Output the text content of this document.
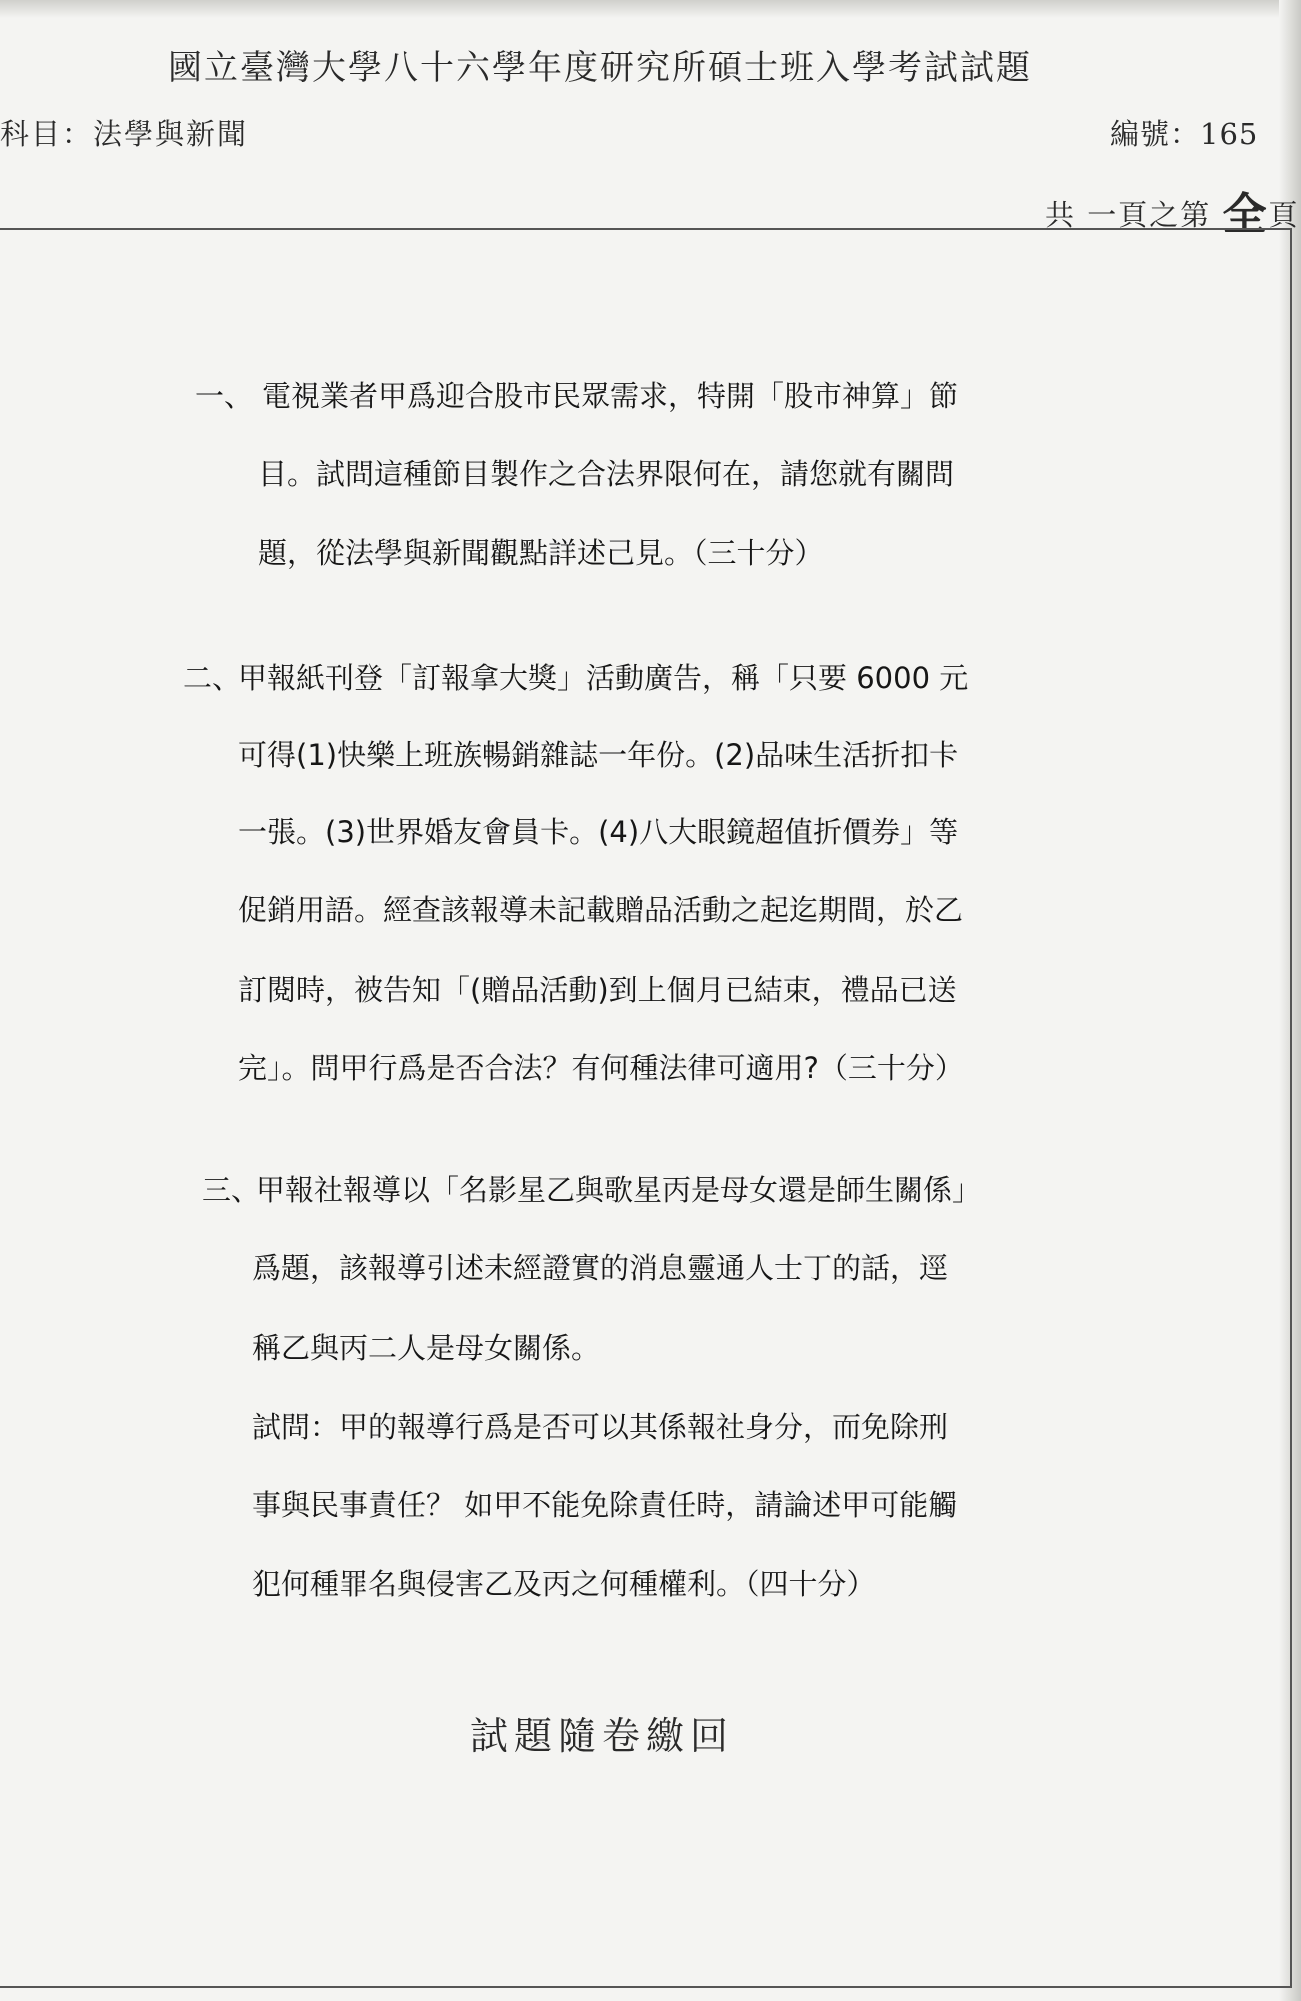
國立臺灣大學八十六學年度研究所碩士班入學考試試題
科目：法學與新聞	編號：165
共 一頁之第 全頁
一、 電視業者甲爲迎合股市民眾需求，特開「股市神算」節
目。試問這種節目製作之合法界限何在，請您就有關問
題，從法學與新聞觀點詳述己見。（三十分）
二、
甲報紙刊登「訂報拿大獎」活動廣告，稱「只要 6000 元
可得(1)快樂上班族暢銷雜誌一年份。(2)品味生活折扣卡
一張。(3)世界婚友會員卡。(4)八大眼鏡超值折價券」等
促銷用語。經查該報導未記載贈品活動之起迄期間，於乙
訂閱時，被告知「(贈品活動)到上個月已結束，禮品已送
完」。問甲行爲是否合法？有何種法律可適用?（三十分）
三、
甲報社報導以「名影星乙與歌星丙是母女還是師生關係」
爲題，該報導引述未經證實的消息靈通人士丁的話，逕
稱乙與丙二人是母女關係。
試問：甲的報導行爲是否可以其係報社身分，而免除刑
事與民事責任？ 如甲不能免除責任時，請論述甲可能觸
犯何種罪名與侵害乙及丙之何種權利。（四十分）
試題隨卷繳回
